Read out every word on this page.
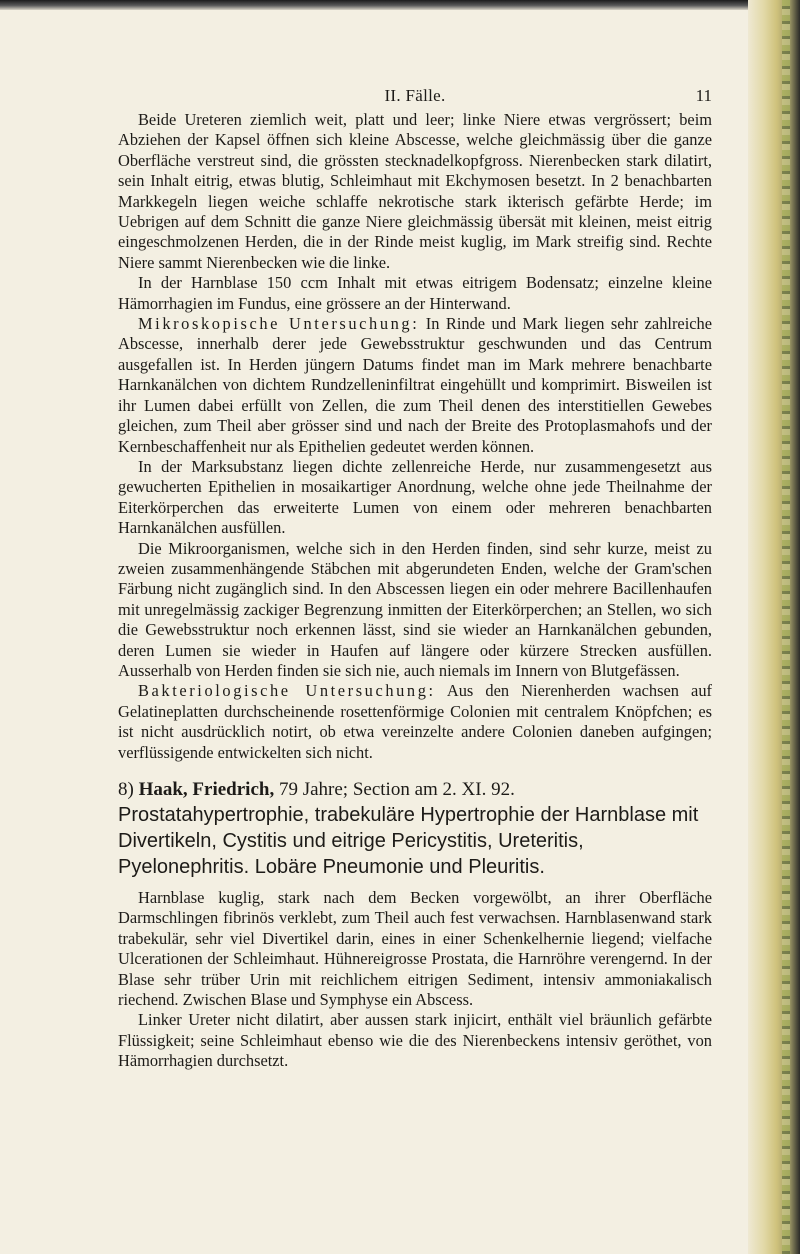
II. Fälle.	11

Beide Ureteren ziemlich weit, platt und leer; linke Niere etwas vergrössert; beim Abziehen der Kapsel öffnen sich kleine Abscesse, welche gleichmässig über die ganze Oberfläche verstreut sind, die grössten stecknadelkopfgross. Nierenbecken stark dilatirt, sein Inhalt eitrig, etwas blutig, Schleimhaut mit Ekchymosen besetzt. In 2 benachbarten Markkegeln liegen weiche schlaffe nekrotische stark ikterisch gefärbte Herde; im Uebrigen auf dem Schnitt die ganze Niere gleichmässig übersät mit kleinen, meist eitrig eingeschmolzenen Herden, die in der Rinde meist kuglig, im Mark streifig sind. Rechte Niere sammt Nierenbecken wie die linke.

In der Harnblase 150 ccm Inhalt mit etwas eitrigem Bodensatz; einzelne kleine Hämorrhagien im Fundus, eine grössere an der Hinterwand.

Mikroskopische Untersuchung: In Rinde und Mark liegen sehr zahlreiche Abscesse, innerhalb derer jede Gewebsstruktur geschwunden und das Centrum ausgefallen ist. In Herden jüngern Datums findet man im Mark mehrere benachbarte Harnkanälchen von dichtem Rundzelleninfiltrat eingehüllt und komprimirt. Bisweilen ist ihr Lumen dabei erfüllt von Zellen, die zum Theil denen des interstitiellen Gewebes gleichen, zum Theil aber grösser sind und nach der Breite des Protoplasmahofs und der Kernbeschaffenheit nur als Epithelien gedeutet werden können.

In der Marksubstanz liegen dichte zellenreiche Herde, nur zusammengesetzt aus gewucherten Epithelien in mosaikartiger Anordnung, welche ohne jede Theilnahme der Eiterkörperchen das erweiterte Lumen von einem oder mehreren benachbarten Harnkanälchen ausfüllen.

Die Mikroorganismen, welche sich in den Herden finden, sind sehr kurze, meist zu zweien zusammenhängende Stäbchen mit abgerundeten Enden, welche der Gram'schen Färbung nicht zugänglich sind. In den Abscessen liegen ein oder mehrere Bacillenhaufen mit unregelmässig zackiger Begrenzung inmitten der Eiterkörperchen; an Stellen, wo sich die Gewebsstruktur noch erkennen lässt, sind sie wieder an Harnkanälchen gebunden, deren Lumen sie wieder in Haufen auf längere oder kürzere Strecken ausfüllen. Ausserhalb von Herden finden sie sich nie, auch niemals im Innern von Blutgefässen.

Bakteriologische Untersuchung: Aus den Nierenherden wachsen auf Gelatineplatten durchscheinende rosettenförmige Colonien mit centralem Knöpfchen; es ist nicht ausdrücklich notirt, ob etwa vereinzelte andere Colonien daneben aufgingen; verflüssigende entwickelten sich nicht.

8) Haak, Friedrich, 79 Jahre; Section am 2. XI. 92.

Prostatahypertrophie, trabekuläre Hypertrophie der Harnblase mit Divertikeln, Cystitis und eitrige Pericystitis, Ureteritis, Pyelonephritis. Lobäre Pneumonie und Pleuritis.

Harnblase kuglig, stark nach dem Becken vorgewölbt, an ihrer Oberfläche Darmschlingen fibrinös verklebt, zum Theil auch fest verwachsen. Harnblasenwand stark trabekulär, sehr viel Divertikel darin, eines in einer Schenkelhernie liegend; vielfache Ulcerationen der Schleimhaut. Hühnereigrosse Prostata, die Harnröhre verengernd. In der Blase sehr trüber Urin mit reichlichem eitrigen Sediment, intensiv ammoniakalisch riechend. Zwischen Blase und Symphyse ein Abscess.

Linker Ureter nicht dilatirt, aber aussen stark injicirt, enthält viel bräunlich gefärbte Flüssigkeit; seine Schleimhaut ebenso wie die des Nierenbeckens intensiv geröthet, von Hämorrhagien durchsetzt.
